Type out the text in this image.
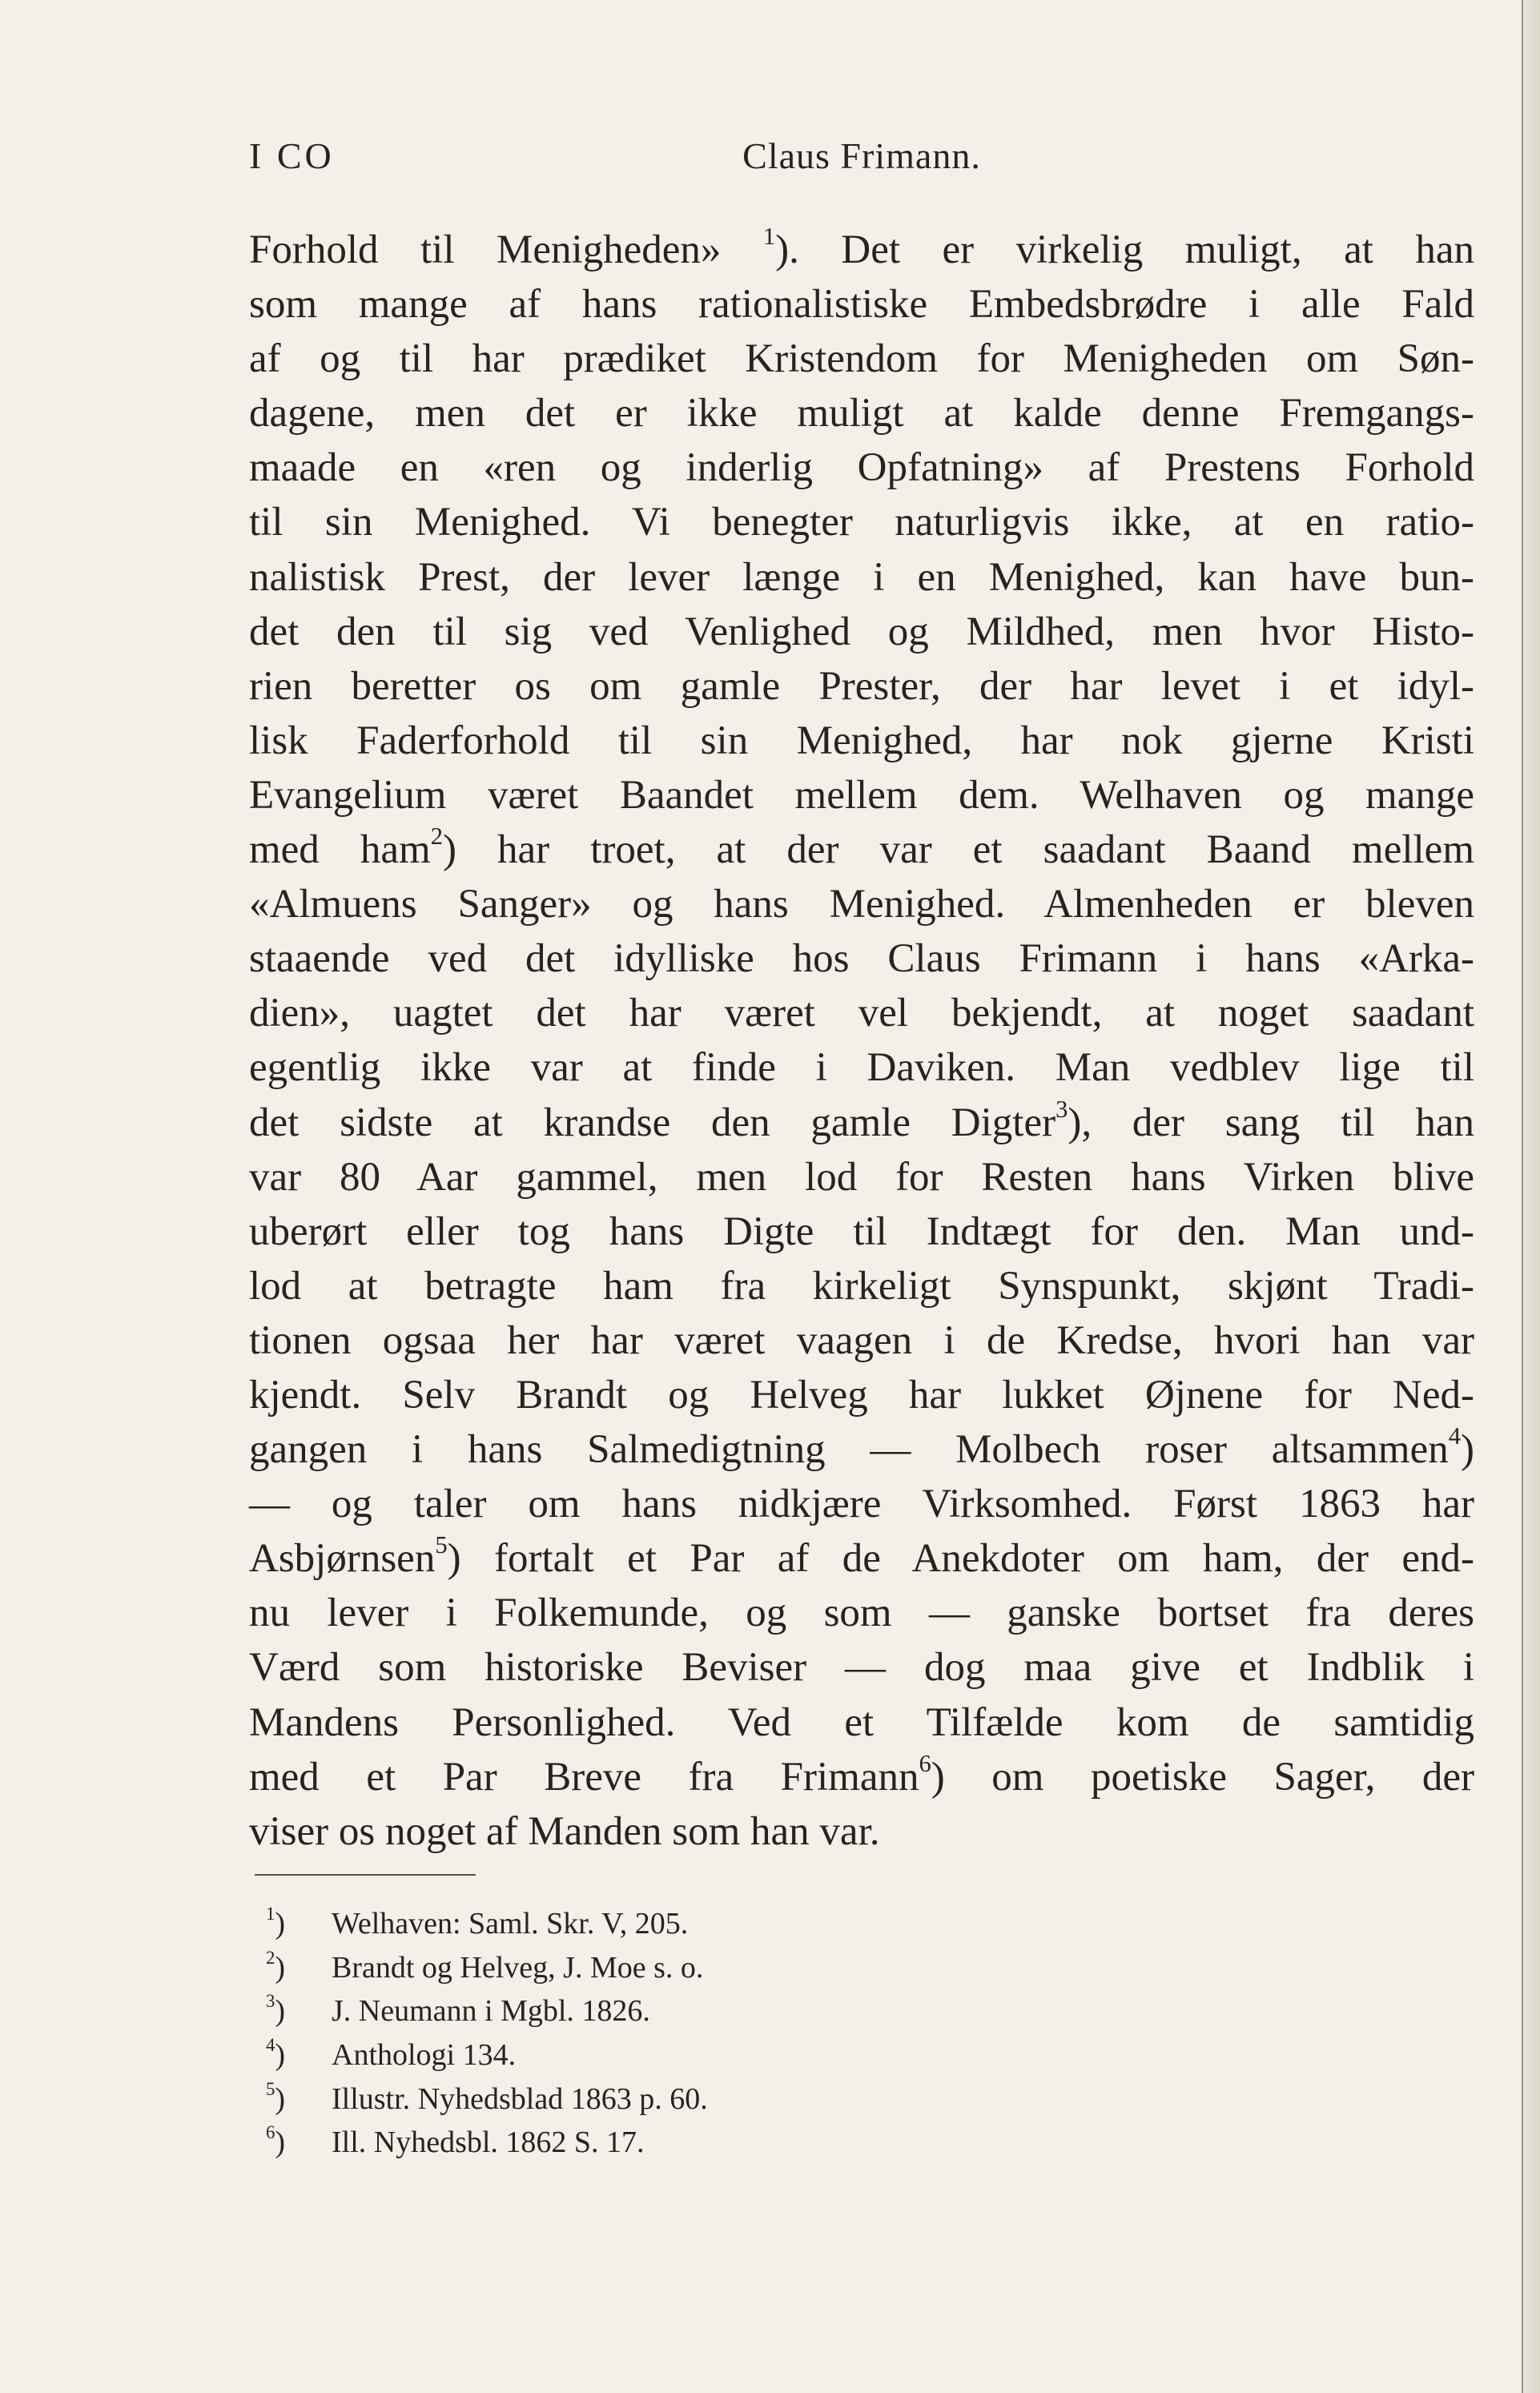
I CO	Claus Frimann.
Forhold til Menigheden» $^1$). Det er virkelig muligt, at han
som mange af hans rationalistiske Embedsbrødre i alle Fald
af og til har prædiket Kristendom for Menigheden om Søn-
dagene, men det er ikke muligt at kalde denne Fremgangs-
maade en «ren og inderlig Opfatning» af Prestens Forhold
til sin Menighed. Vi benegter naturligvis ikke, at en ratio-
nalistisk Prest, der lever længe i en Menighed, kan have bun-
det den til sig ved Venlighed og Mildhed, men hvor Histo-
rien beretter os om gamle Prester, der har levet i et idyl-
lisk Faderforhold til sin Menighed, har nok gjerne Kristi
Evangelium været Baandet mellem dem. Welhaven og mange
med ham$^2$) har troet, at der var et saadant Baand mellem
«Almuens Sanger» og hans Menighed. Almenheden er bleven
staaende ved det idylliske hos Claus Frimann i hans «Arka-
dien», uagtet det har været vel bekjendt, at noget saadant
egentlig ikke var at finde i Daviken. Man vedblev lige til
det sidste at krandse den gamle Digter$^3$), der sang til han
var 80 Aar gammel, men lod for Resten hans Virken blive
uberørt eller tog hans Digte til Indtægt for den. Man und-
lod at betragte ham fra kirkeligt Synspunkt, skjønt Tradi-
tionen ogsaa her har været vaagen i de Kredse, hvori han var
kjendt. Selv Brandt og Helveg har lukket Øjnene for Ned-
gangen i hans Salmedigtning — Molbech roser altsammen$^4$)
— og taler om hans nidkjære Virksomhed. Først 1863 har
Asbjørnsen$^5$) fortalt et Par af de Anekdoter om ham, der end-
nu lever i Folkemunde, og som — ganske bortset fra deres
Værd som historiske Beviser — dog maa give et Indblik i
Mandens Personlighed. Ved et Tilfælde kom de samtidig
med et Par Breve fra Frimann$^6$) om poetiske Sager, der
viser os noget af Manden som han var.
$^1$) Welhaven: Saml. Skr. V, 205.
$^2$) Brandt og Helveg, J. Moe s. o.
$^3$) J. Neumann i Mgbl. 1826.
$^4$) Anthologi 134.
$^5$) Illustr. Nyhedsblad 1863 p. 60.
$^6$) Ill. Nyhedsbl. 1862 S. 17.
